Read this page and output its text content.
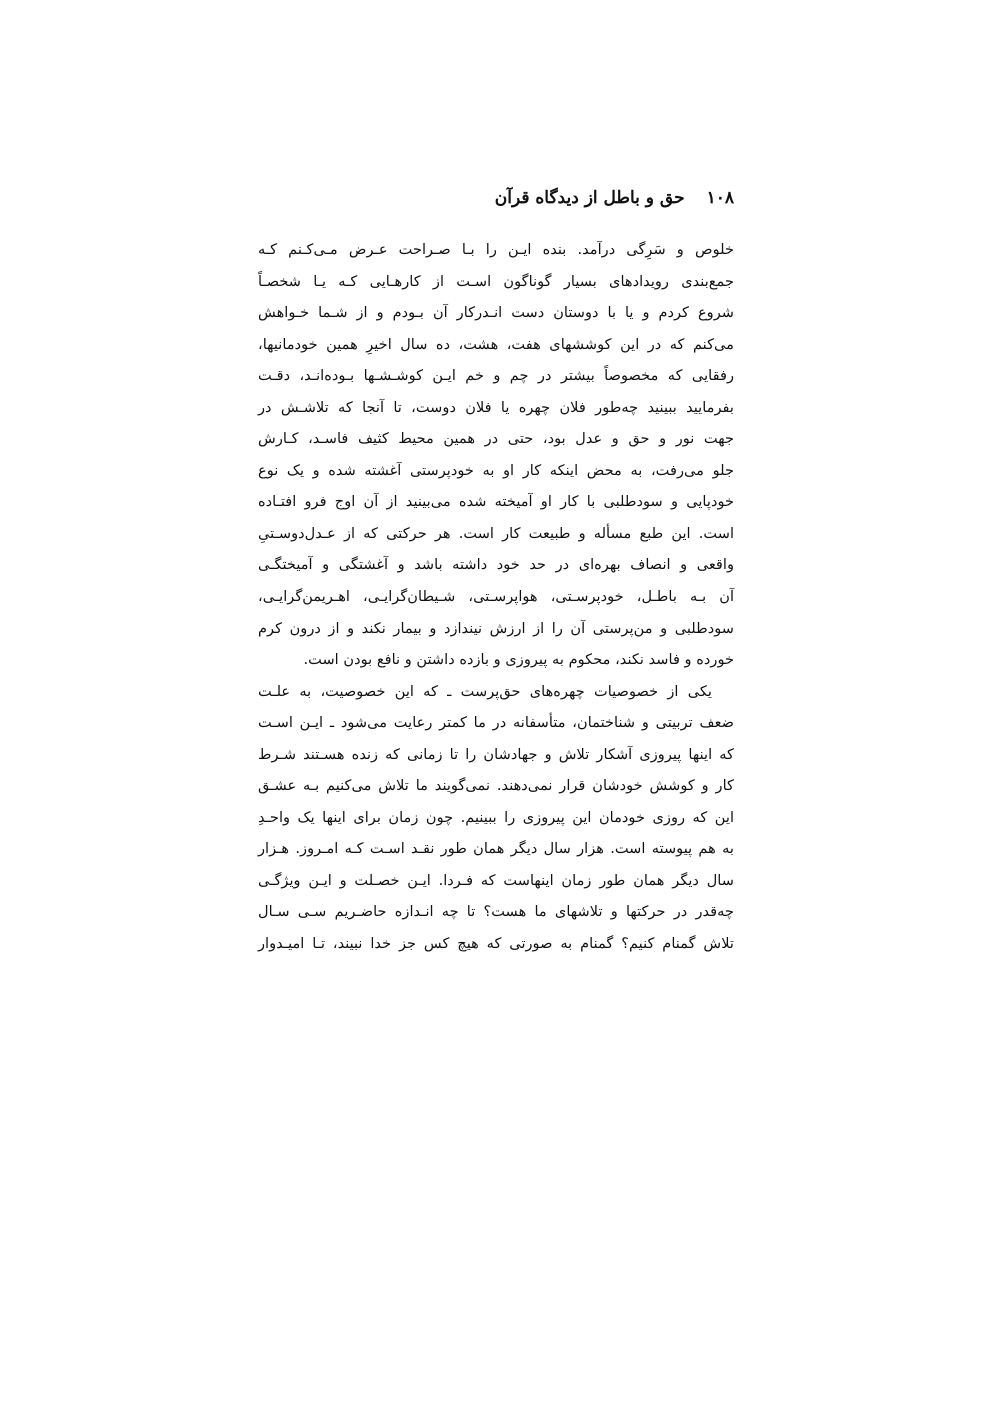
۱۰۸حق و باطل از دیدگاه قرآن
خلوص و سَرِگی درآمد. بنده ایـن را بـا صـراحت عـرض مـی‌کـنم کـه
جمع‌بندی رویدادهای بسیار گوناگون اسـت از کارهـایی کـه یـا شخصـاً
شروع کردم و یا با دوستان دست انـدرکار آن بـودم و از شـما خـواهش
می‌کنم که در این کوششهای هفت، هشت، ده سال اخیرِ همین خودمانیها،
رفقایی که مخصوصاً بیشتر در چم و خم ایـن کوشـشـها بـوده‌انـد، دقـت
بفرمایید ببینید چه‌طور فلان چهره یا فلان دوست، تا آنجا که تلاشـش در
جهت نور و حق و عدل بود، حتی در همین محیط کثیف فاسـد، کـارش
جلو می‌رفت، به محض اینکه کار او به خودپرستی آغشته شده و یک نوع
خودپایی و سودطلبی با کار او آمیخته شده می‌بینید از آن اوج فرو افتـاده
است. این طبع مسأله و طبیعت کار است. هر حرکتی که از عـدل‌دوسـتیِ
واقعی و انصاف بهره‌ای در حد خود داشته باشد و آغشتگی و آمیختگـی
آن بـه باطـل، خودپرسـتی، هواپرسـتی، شـیطان‌گرایـی، اهـریمن‌گرایـی،
سودطلبی و من‌پرستی آن را از ارزش نیندازد و بیمار نکند و از درون کرم
خورده و فاسد نکند، محکوم به پیروزی و بازده داشتن و نافع بودن است.
یکی از خصوصیات چهره‌های حق‌پرست ـ که این خصوصیت، به علـت
ضعف تربیتی و شناختمان، متأسفانه در ما کمتر رعایت می‌شود ـ ایـن اسـت
که اینها پیروزی آشکار تلاش و جهادشان را تا زمانی که زنده هسـتند شـرط
کار و کوشش خودشان قرار نمی‌دهند. نمی‌گویند ما تلاش می‌کنیم بـه عشـق
این که روزی خودمان این پیروزی را ببینیم. چون زمان برای اینها یک واحـدِ
به هم پیوسته است. هزار سال دیگر همان طور نقـد اسـت کـه امـروز. هـزار
سال دیگر همان طور زمان اینهاست که فـردا. ایـن خصـلت و ایـن ویژگـی
چه‌قدر در حرکتها و تلاشهای ما هست؟ تا چه انـدازه حاضـریم سـی سـال
تلاش گمنام کنیم؟ گمنام به صورتی که هیچ کس جز خدا نبیند، تـا امیـدوار
